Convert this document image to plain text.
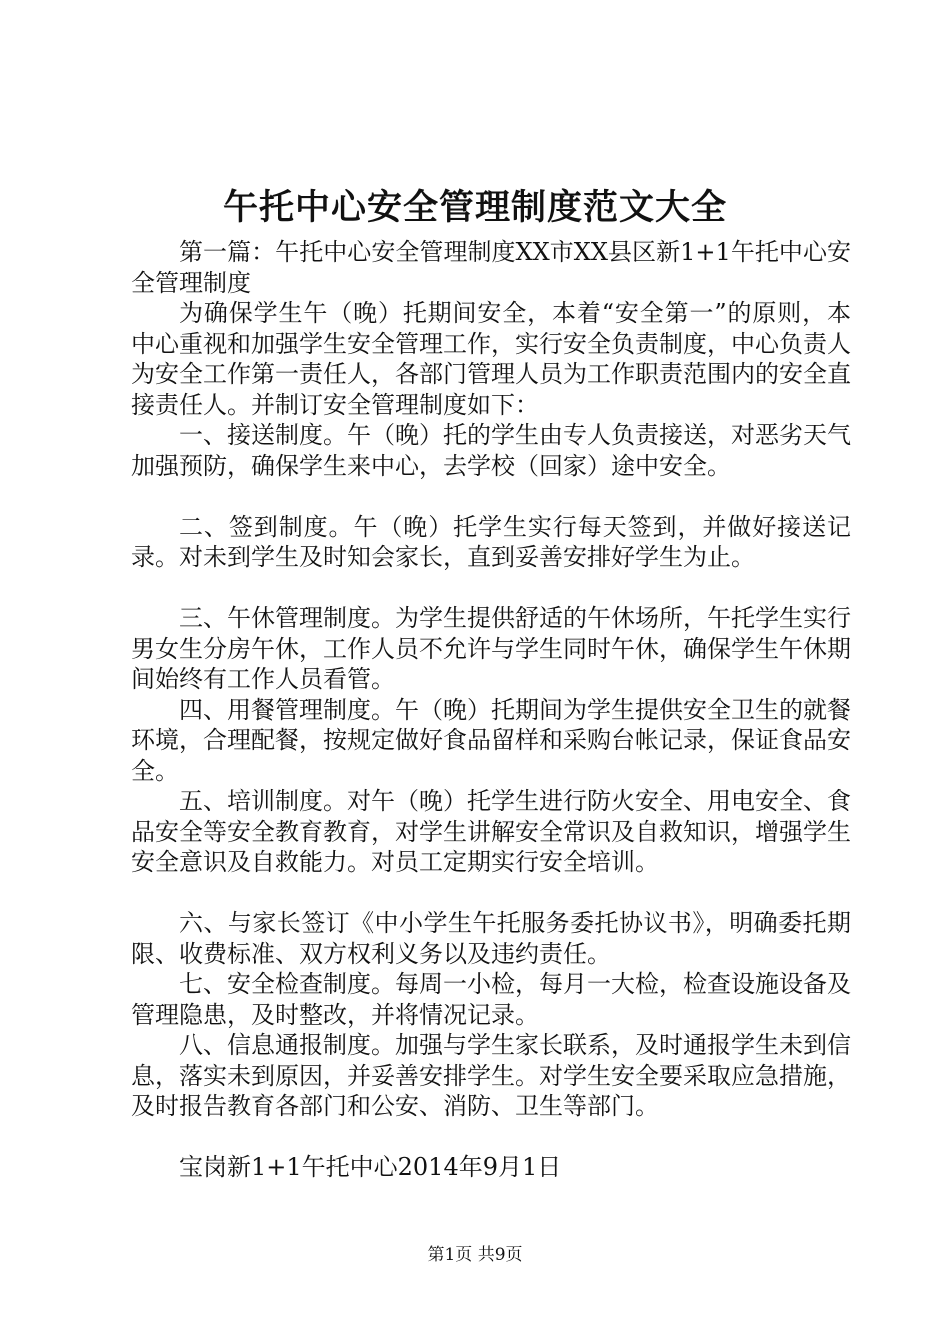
午托中心安全管理制度范文大全

第一篇：午托中心安全管理制度XX市XX县区新1+1午托中心安全管理制度

为确保学生午（晚）托期间安全，本着“安全第一”的原则，本中心重视和加强学生安全管理工作，实行安全负责制度，中心负责人为安全工作第一责任人，各部门管理人员为工作职责范围内的安全直接责任人。并制订安全管理制度如下：

一、接送制度。午（晚）托的学生由专人负责接送，对恶劣天气加强预防，确保学生来中心，去学校（回家）途中安全。

二、签到制度。午（晚）托学生实行每天签到，并做好接送记录。对未到学生及时知会家长，直到妥善安排好学生为止。

三、午休管理制度。为学生提供舒适的午休场所，午托学生实行男女生分房午休，工作人员不允许与学生同时午休，确保学生午休期间始终有工作人员看管。

四、用餐管理制度。午（晚）托期间为学生提供安全卫生的就餐环境，合理配餐，按规定做好食品留样和采购台帐记录，保证食品安全。

五、培训制度。对午（晚）托学生进行防火安全、用电安全、食品安全等安全教育教育，对学生讲解安全常识及自救知识，增强学生安全意识及自救能力。对员工定期实行安全培训。

六、与家长签订《中小学生午托服务委托协议书》，明确委托期限、收费标准、双方权利义务以及违约责任。

七、安全检查制度。每周一小检，每月一大检，检查设施设备及管理隐患，及时整改，并将情况记录。

八、信息通报制度。加强与学生家长联系，及时通报学生未到信息，落实未到原因，并妥善安排学生。对学生安全要采取应急措施，及时报告教育各部门和公安、消防、卫生等部门。

宝岗新1+1午托中心2014年9月1日

第1页 共9页
